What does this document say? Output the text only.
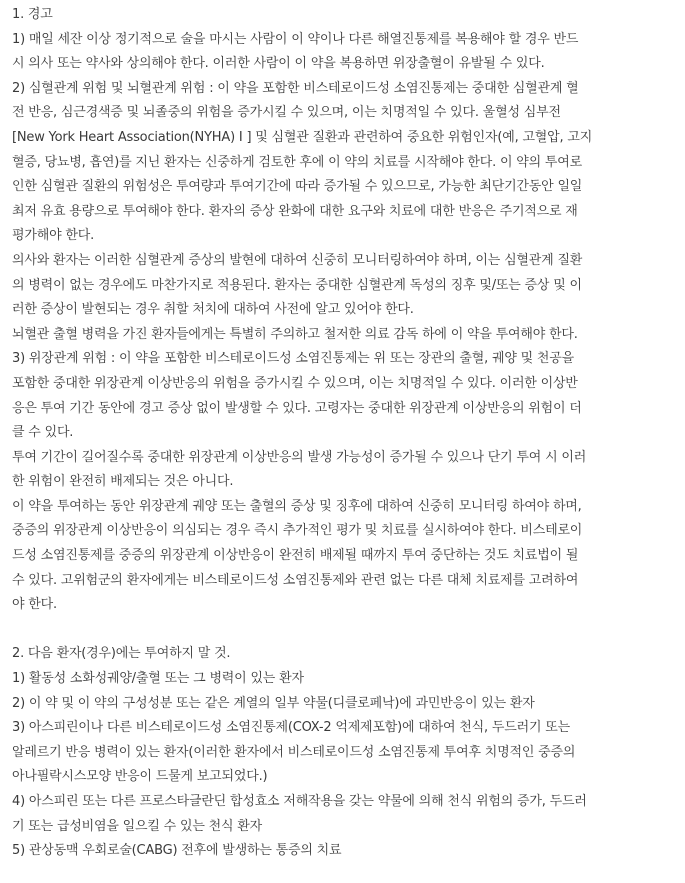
1. 경고
1) 매일 세잔 이상 정기적으로 술을 마시는 사람이 이 약이나 다른 해열진통제를 복용해야 할 경우 반드
시 의사 또는 약사와 상의해야 한다. 이러한 사람이 이 약을 복용하면 위장출혈이 유발될 수 있다.
2) 심혈관계 위험 및 뇌혈관계 위험 : 이 약을 포함한 비스테로이드성 소염진통제는 중대한 심혈관계 혈
전 반응, 심근경색증 및 뇌졸중의 위험을 증가시킬 수 있으며, 이는 치명적일 수 있다. 울혈성 심부전
[New York Heart Association(NYHA) I ] 및 심혈관 질환과 관련하여 중요한 위험인자(예, 고혈압, 고지
혈증, 당뇨병, 흡연)를 지닌 환자는 신중하게 검토한 후에 이 약의 치료를 시작해야 한다. 이 약의 투여로
인한 심혈관 질환의 위험성은 투여량과 투여기간에 따라 증가될 수 있으므로, 가능한 최단기간동안 일일
최저 유효 용량으로 투여해야 한다. 환자의 증상 완화에 대한 요구와 치료에 대한 반응은 주기적으로 재
평가해야 한다.
의사와 환자는 이러한 심혈관계 증상의 발현에 대하여 신중히 모니터링하여야 하며, 이는 심혈관계 질환
의 병력이 없는 경우에도 마찬가지로 적용된다. 환자는 중대한 심혈관계 독성의 징후 및/또는 증상 및 이
러한 증상이 발현되는 경우 취할 처치에 대하여 사전에 알고 있어야 한다.
뇌혈관 출혈 병력을 가진 환자들에게는 특별히 주의하고 철저한 의료 감독 하에 이 약을 투여해야 한다.
3) 위장관계 위험 : 이 약을 포함한 비스테로이드성 소염진통제는 위 또는 장관의 출혈, 궤양 및 천공을
포함한 중대한 위장관계 이상반응의 위험을 증가시킬 수 있으며, 이는 치명적일 수 있다. 이러한 이상반
응은 투여 기간 동안에 경고 증상 없이 발생할 수 있다. 고령자는 중대한 위장관계 이상반응의 위험이 더
클 수 있다.
투여 기간이 길어질수록 중대한 위장관계 이상반응의 발생 가능성이 증가될 수 있으나 단기 투여 시 이러
한 위험이 완전히 배제되는 것은 아니다.
이 약을 투여하는 동안 위장관계 궤양 또는 출혈의 증상 및 징후에 대하여 신중히 모니터링 하여야 하며,
중증의 위장관계 이상반응이 의심되는 경우 즉시 추가적인 평가 및 치료를 실시하여야 한다. 비스테로이
드성 소염진통제를 중증의 위장관계 이상반응이 완전히 배제될 때까지 투여 중단하는 것도 치료법이 될
수 있다. 고위험군의 환자에게는 비스테로이드성 소염진통제와 관련 없는 다른 대체 치료제를 고려하여
야 한다.
2. 다음 환자(경우)에는 투여하지 말 것.
1) 활동성 소화성궤양/출혈 또는 그 병력이 있는 환자
2) 이 약 및 이 약의 구성성분 또는 같은 계열의 일부 약물(디클로페낙)에 과민반응이 있는 환자
3) 아스피린이나 다른 비스테로이드성 소염진통제(COX-2 억제제포함)에 대하여 천식, 두드러기 또는
알레르기 반응 병력이 있는 환자(이러한 환자에서 비스테로이드성 소염진통제 투여후 치명적인 중증의
아나필락시스모양 반응이 드물게 보고되었다.)
4) 아스피린 또는 다른 프로스타글란딘 합성효소 저해작용을 갖는 약물에 의해 천식 위험의 증가, 두드러
기 또는 급성비염을 일으킬 수 있는 천식 환자
5) 관상동맥 우회로술(CABG) 전후에 발생하는 통증의 치료
